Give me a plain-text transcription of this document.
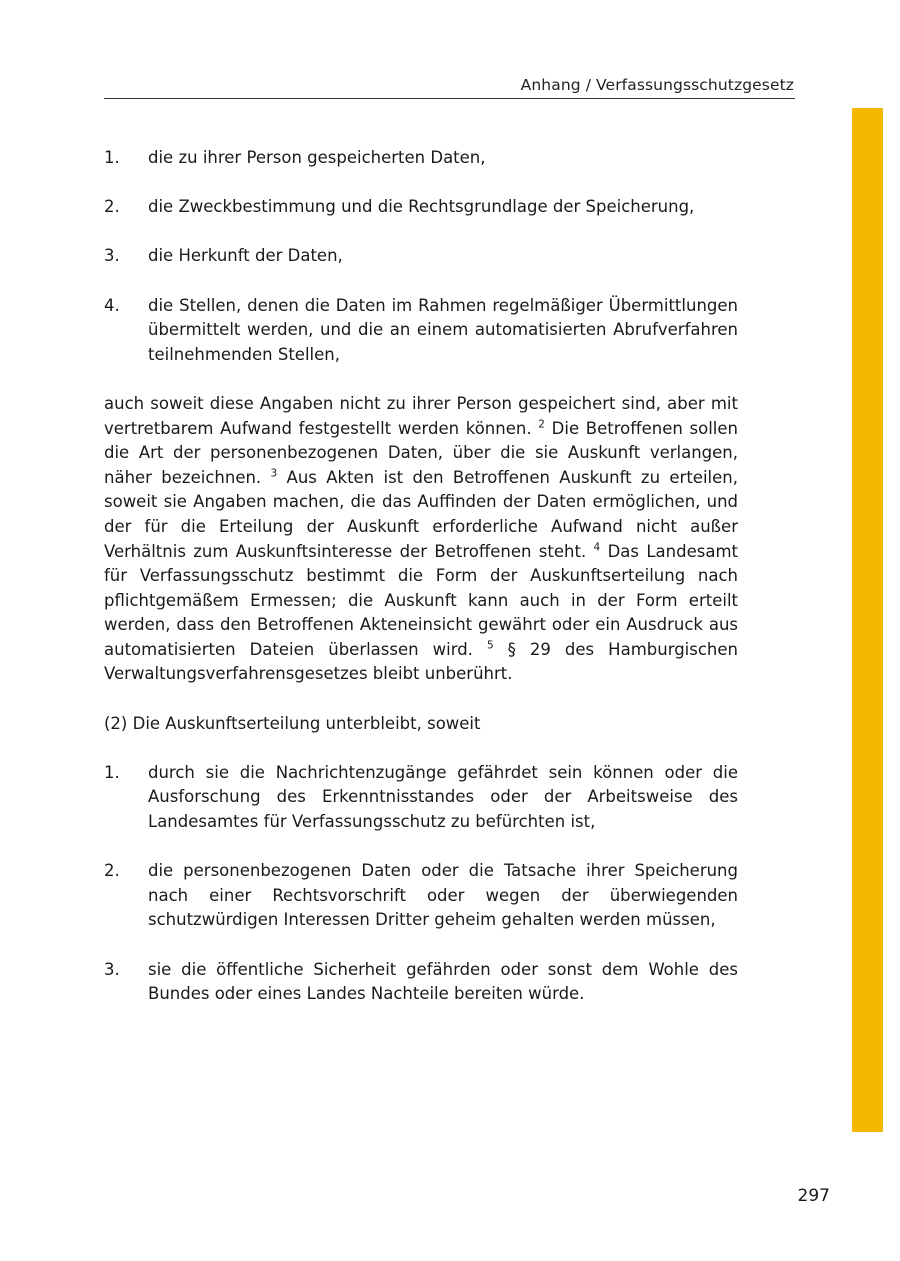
Anhang / Verfassungsschutzgesetz
1.	die zu ihrer Person gespeicherten Daten,
2.	die Zweckbestimmung und die Rechtsgrundlage der Speicherung,
3.	die Herkunft der Daten,
4.	die Stellen, denen die Daten im Rahmen regelmäßiger Übermittlungen übermittelt werden, und die an einem automatisierten Abrufverfahren teilnehmenden Stellen,

auch soweit diese Angaben nicht zu ihrer Person gespeichert sind, aber mit vertretbarem Aufwand festgestellt werden können. $^2$ Die Betroffenen sollen die Art der personenbezogenen Daten, über die sie Auskunft verlangen, näher bezeichnen. $^3$ Aus Akten ist den Betroffenen Auskunft zu erteilen, soweit sie Angaben machen, die das Auffinden der Daten ermöglichen, und der für die Erteilung der Auskunft erforderliche Aufwand nicht außer Verhältnis zum Auskunftsinteresse der Betroffenen steht. $^4$ Das Landesamt für Verfassungsschutz bestimmt die Form der Auskunftserteilung nach pflichtgemäßem Ermessen; die Auskunft kann auch in der Form erteilt werden, dass den Betroffenen Akteneinsicht gewährt oder ein Ausdruck aus automatisierten Dateien überlassen wird. $^5$ § 29 des Hamburgischen Verwaltungsverfahrensgesetzes bleibt unberührt.

(2) Die Auskunftserteilung unterbleibt, soweit

1.	durch sie die Nachrichtenzugänge gefährdet sein können oder die Ausforschung des Erkenntnisstandes oder der Arbeitsweise des Landesamtes für Verfassungsschutz zu befürchten ist,
2.	die personenbezogenen Daten oder die Tatsache ihrer Speicherung nach einer Rechtsvorschrift oder wegen der überwiegenden schutzwürdigen Interessen Dritter geheim gehalten werden müssen,
3.	sie die öffentliche Sicherheit gefährden oder sonst dem Wohle des Bundes oder eines Landes Nachteile bereiten würde.
297
